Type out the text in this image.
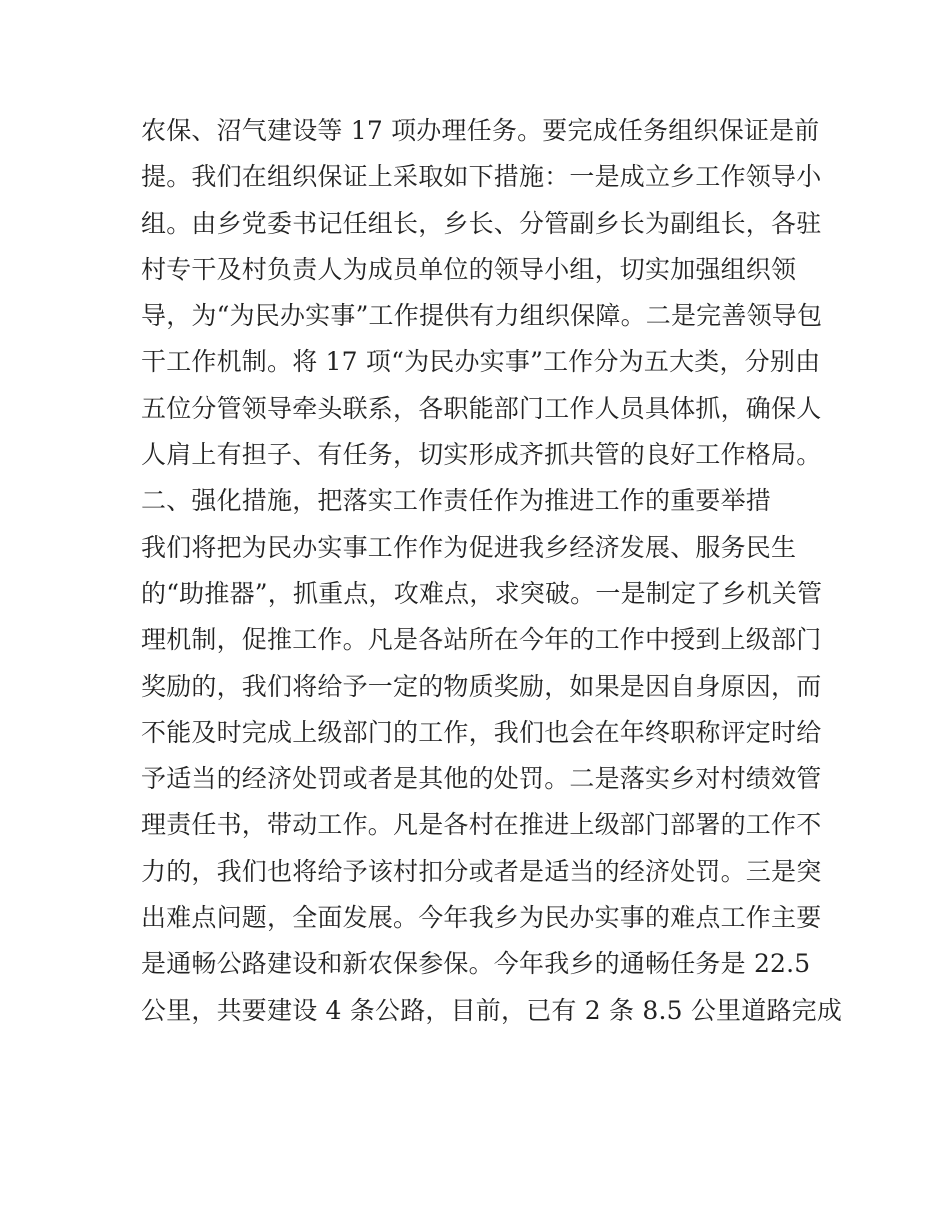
农保、沼气建设等 17 项办理任务。要完成任务组织保证是前
提。我们在组织保证上采取如下措施：一是成立乡工作领导小
组。由乡党委书记任组长，乡长、分管副乡长为副组长，各驻
村专干及村负责人为成员单位的领导小组，切实加强组织领
导，为“为民办实事”工作提供有力组织保障。二是完善领导包
干工作机制。将 17 项“为民办实事”工作分为五大类，分别由
五位分管领导牵头联系，各职能部门工作人员具体抓，确保人
人肩上有担子、有任务，切实形成齐抓共管的良好工作格局。
二、强化措施，把落实工作责任作为推进工作的重要举措
我们将把为民办实事工作作为促进我乡经济发展、服务民生
的“助推器”，抓重点，攻难点，求突破。一是制定了乡机关管
理机制，促推工作。凡是各站所在今年的工作中授到上级部门
奖励的，我们将给予一定的物质奖励，如果是因自身原因，而
不能及时完成上级部门的工作，我们也会在年终职称评定时给
予适当的经济处罚或者是其他的处罚。二是落实乡对村绩效管
理责任书，带动工作。凡是各村在推进上级部门部署的工作不
力的，我们也将给予该村扣分或者是适当的经济处罚。三是突
出难点问题，全面发展。今年我乡为民办实事的难点工作主要
是通畅公路建设和新农保参保。今年我乡的通畅任务是 22.5
公里，共要建设 4 条公路，目前，已有 2 条 8.5 公里道路完成
